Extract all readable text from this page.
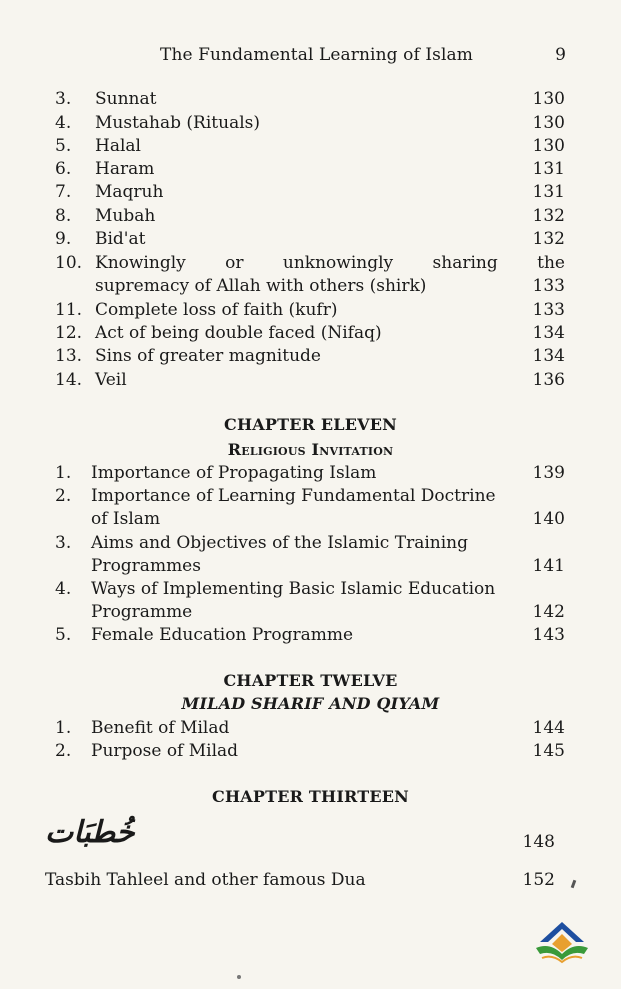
The Fundamental Learning of Islam	9
3.	Sunnat	130
4.	Mustahab (Rituals)	130
5.	Halal	130
6.	Haram	131
7.	Maqruh	131
8.	Mubah	132
9.	Bid'at	132
10. Knowingly or unknowingly sharing the
supremacy of Allah with others (shirk)	133
11. Complete loss of faith (kufr)	133
12. Act of being double faced (Nifaq)	134
13. Sins of greater magnitude	134
14. Veil	136
CHAPTER ELEVEN
Religious Invitation
1.	Importance of Propagating Islam	139
2.	Importance of Learning Fundamental Doctrine
of Islam	140
3.	Aims and Objectives of the Islamic Training
Programmes	141
4.	Ways of Implementing Basic Islamic Education
Programme	142
5.	Female Education Programme	143
CHAPTER TWELVE
MILAD SHARIF AND QIYAM
1.	Benefit of Milad	144
2.	Purpose of Milad	145
CHAPTER THIRTEEN
خُطبَات	148
Tasbih Tahleel and other famous Dua	152
